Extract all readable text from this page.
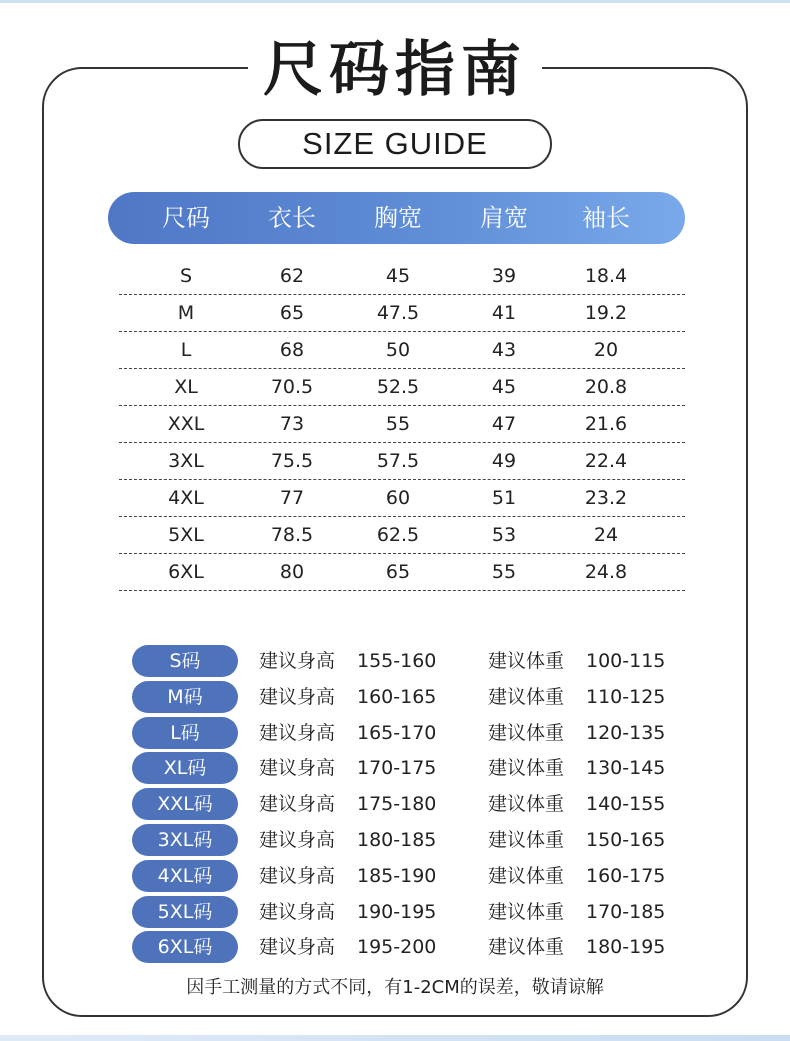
尺码指南
SIZE GUIDE
尺码	衣长	胸宽	肩宽	袖长
S	62	45	39	18.4
M	65	47.5	41	19.2
L	68	50	43	20
XL	70.5	52.5	45	20.8
XXL	73	55	47	21.6
3XL	75.5	57.5	49	22.4
4XL	77	60	51	23.2
5XL	78.5	62.5	53	24
6XL	80	65	55	24.8
S码	建议身高 155-160	建议体重 100-115
M码	建议身高 160-165	建议体重 110-125
L码	建议身高 165-170	建议体重 120-135
XL码	建议身高 170-175	建议体重 130-145
XXL码	建议身高 175-180	建议体重 140-155
3XL码	建议身高 180-185	建议体重 150-165
4XL码	建议身高 185-190	建议体重 160-175
5XL码	建议身高 190-195	建议体重 170-185
6XL码	建议身高 195-200	建议体重 180-195
因手工测量的方式不同，有1-2CM的误差，敬请谅解
